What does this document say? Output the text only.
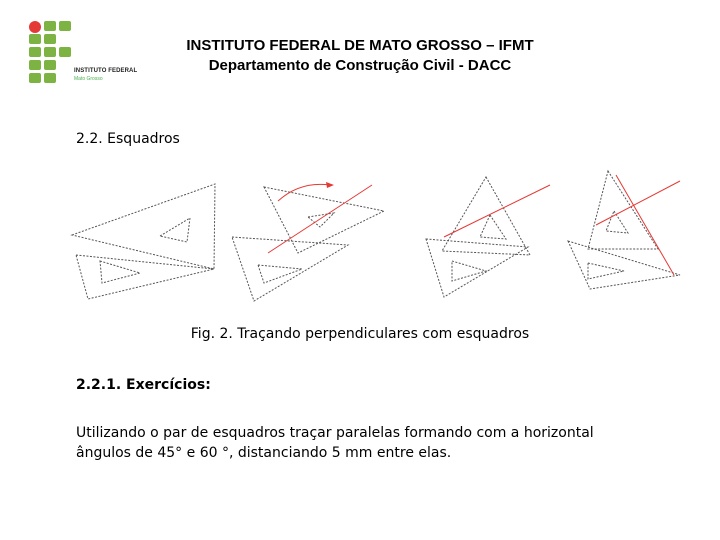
INSTITUTO FEDERAL
Mato Grosso
INSTITUTO FEDERAL DE MATO GROSSO – IFMT
Departamento de Construção Civil - DACC
2.2. Esquadros
Fig. 2. Traçando perpendiculares com esquadros
2.2.1. Exercícios:
Utilizando o par de esquadros traçar paralelas formando com a horizontal
ângulos de 45° e 60 °, distanciando 5 mm entre elas.
